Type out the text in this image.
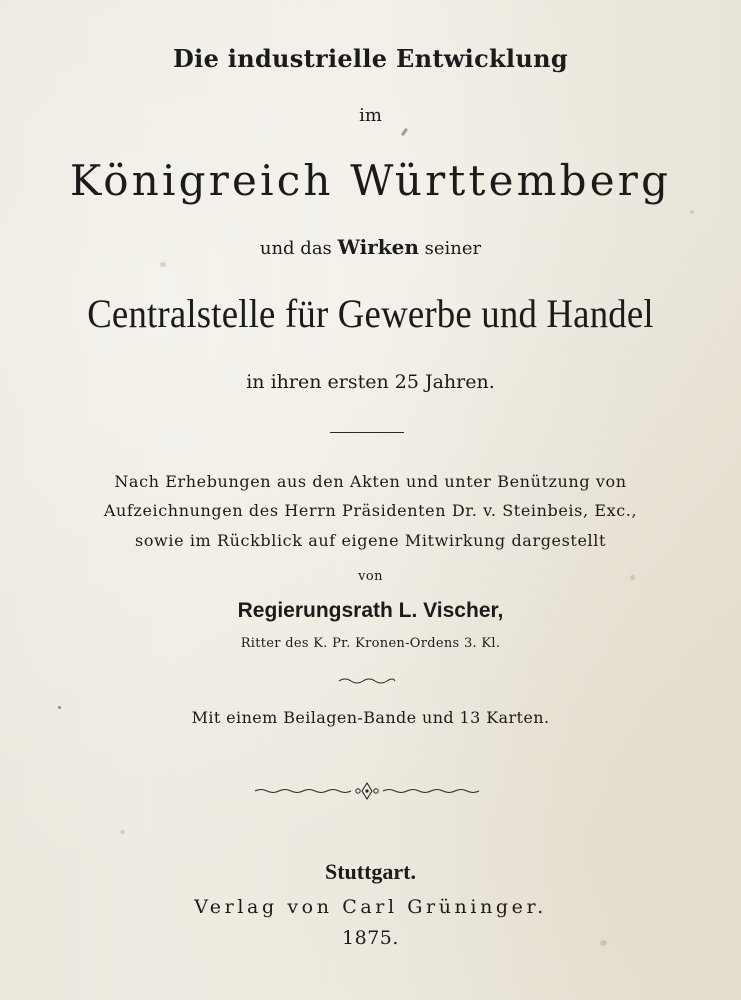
Die industrielle Entwicklung
im
Königreich Württemberg
und das Wirken seiner
Centralstelle für Gewerbe und Handel
in ihren ersten 25 Jahren.
Nach Erhebungen aus den Akten und unter Benützung von
Aufzeichnungen des Herrn Präsidenten Dr. v. Steinbeis, Exc.,
sowie im Rückblick auf eigene Mitwirkung dargestellt
von
Regierungsrath L. Vischer,
Ritter des K. Pr. Kronen-Ordens 3. Kl.
Mit einem Beilagen-Bande und 13 Karten.
Stuttgart.
Verlag von Carl Grüninger.
1875.
